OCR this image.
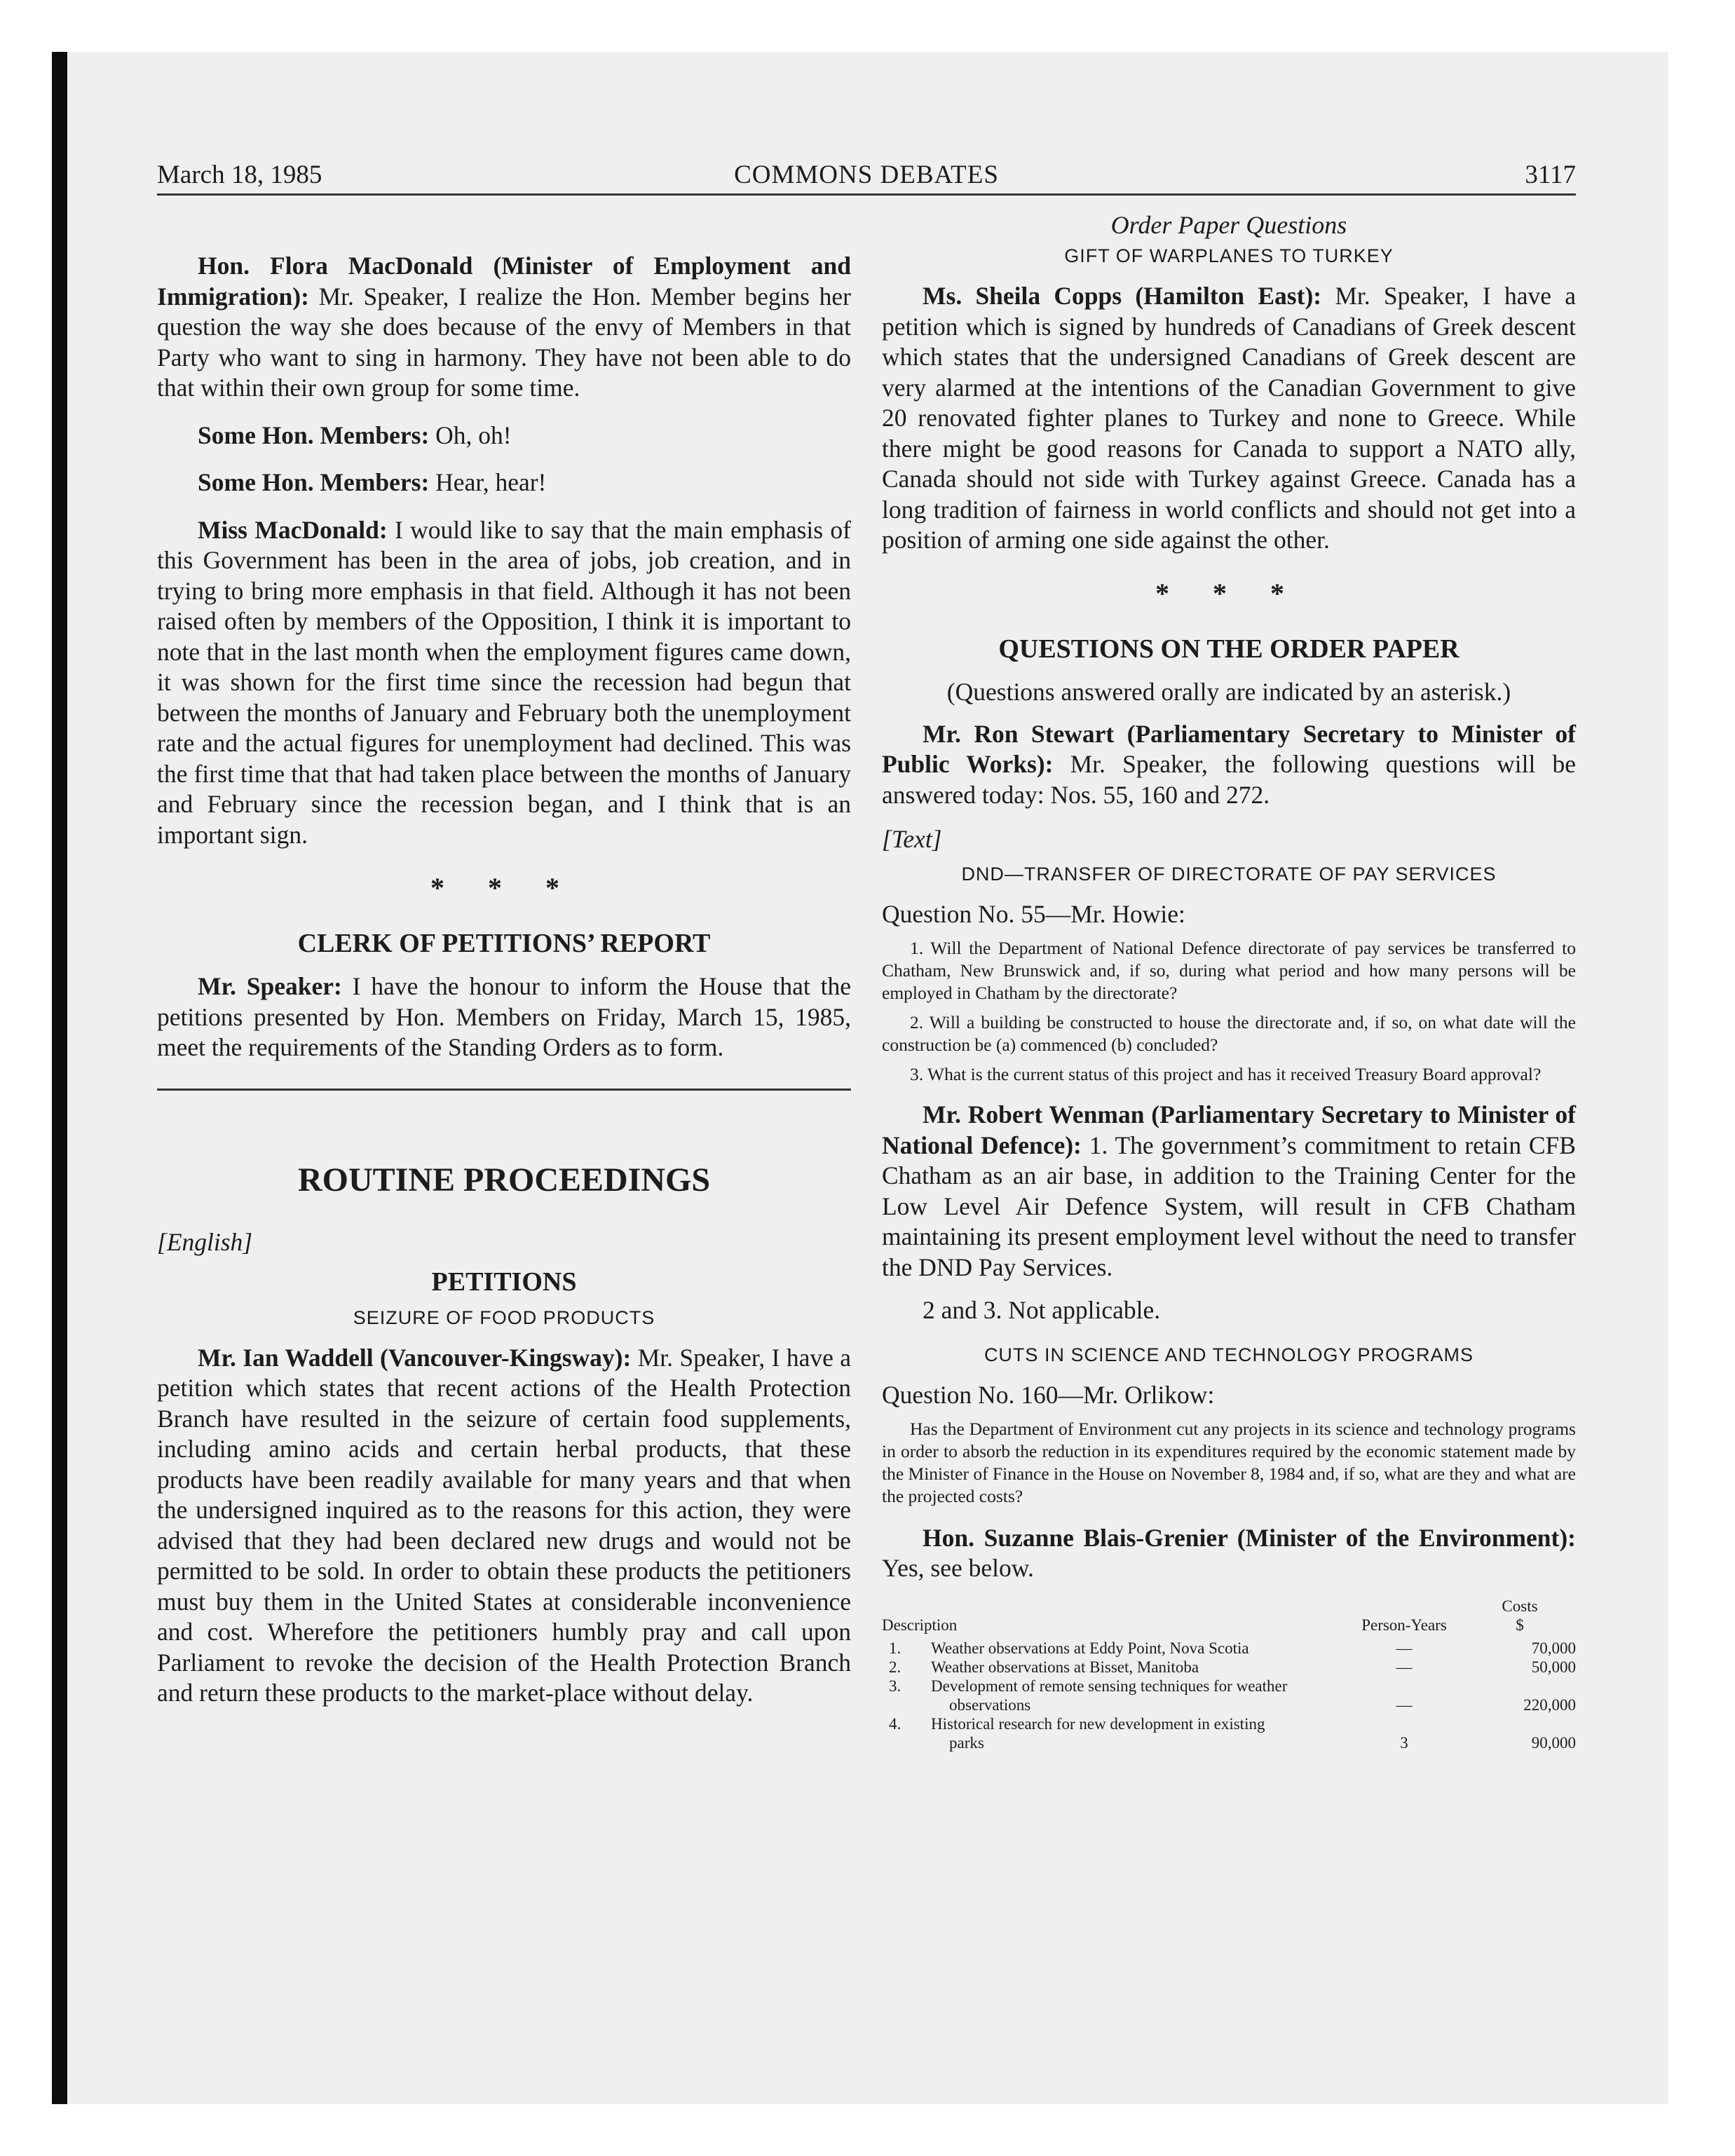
March 18, 1985	COMMONS DEBATES	3117

Hon. Flora MacDonald (Minister of Employment and Immigration): Mr. Speaker, I realize the Hon. Member begins her question the way she does because of the envy of Members in that Party who want to sing in harmony. They have not been able to do that within their own group for some time.

Some Hon. Members: Oh, oh!

Some Hon. Members: Hear, hear!

Miss MacDonald: I would like to say that the main emphasis of this Government has been in the area of jobs, job creation, and in trying to bring more emphasis in that field. Although it has not been raised often by members of the Opposition, I think it is important to note that in the last month when the employment figures came down, it was shown for the first time since the recession had begun that between the months of January and February both the unemployment rate and the actual figures for unemployment had declined. This was the first time that that had taken place between the months of January and February since the recession began, and I think that is an important sign.

* * *
CLERK OF PETITIONS’ REPORT

Mr. Speaker: I have the honour to inform the House that the petitions presented by Hon. Members on Friday, March 15, 1985, meet the requirements of the Standing Orders as to form.

ROUTINE PROCEEDINGS
[English]
PETITIONS
SEIZURE OF FOOD PRODUCTS

Mr. Ian Waddell (Vancouver-Kingsway): Mr. Speaker, I have a petition which states that recent actions of the Health Protection Branch have resulted in the seizure of certain food supplements, including amino acids and certain herbal products, that these products have been readily available for many years and that when the undersigned inquired as to the reasons for this action, they were advised that they had been declared new drugs and would not be permitted to be sold. In order to obtain these products the petitioners must buy them in the United States at considerable inconvenience and cost. Wherefore the petitioners humbly pray and call upon Parliament to revoke the decision of the Health Protection Branch and return these products to the market-place without delay.

Order Paper Questions
GIFT OF WARPLANES TO TURKEY

Ms. Sheila Copps (Hamilton East): Mr. Speaker, I have a petition which is signed by hundreds of Canadians of Greek descent which states that the undersigned Canadians of Greek descent are very alarmed at the intentions of the Canadian Government to give 20 renovated fighter planes to Turkey and none to Greece. While there might be good reasons for Canada to support a NATO ally, Canada should not side with Turkey against Greece. Canada has a long tradition of fairness in world conflicts and should not get into a position of arming one side against the other.

* * *
QUESTIONS ON THE ORDER PAPER
(Questions answered orally are indicated by an asterisk.)

Mr. Ron Stewart (Parliamentary Secretary to Minister of Public Works): Mr. Speaker, the following questions will be answered today: Nos. 55, 160 and 272.

[Text]
DND—TRANSFER OF DIRECTORATE OF PAY SERVICES
Question No. 55—Mr. Howie:

1. Will the Department of National Defence directorate of pay services be transferred to Chatham, New Brunswick and, if so, during what period and how many persons will be employed in Chatham by the directorate?

2. Will a building be constructed to house the directorate and, if so, on what date will the construction be (a) commenced (b) concluded?

3. What is the current status of this project and has it received Treasury Board approval?

Mr. Robert Wenman (Parliamentary Secretary to Minister of National Defence): 1. The government’s commitment to retain CFB Chatham as an air base, in addition to the Training Center for the Low Level Air Defence System, will result in CFB Chatham maintaining its present employment level without the need to transfer the DND Pay Services.

2 and 3. Not applicable.

CUTS IN SCIENCE AND TECHNOLOGY PROGRAMS
Question No. 160—Mr. Orlikow:

Has the Department of Environment cut any projects in its science and technology programs in order to absorb the reduction in its expenditures required by the economic statement made by the Minister of Finance in the House on November 8, 1984 and, if so, what are they and what are the projected costs?

Hon. Suzanne Blais-Grenier (Minister of the Environment): Yes, see below.

			Costs
Description		Person-Years	$
1.	Weather observations at Eddy Point, Nova Scotia	—	70,000
2.	Weather observations at Bisset, Manitoba	—	50,000
3.	Development of remote sensing techniques for weather		
	observations	—	220,000
4.	Historical research for new development in existing		
	parks	3	90,000
